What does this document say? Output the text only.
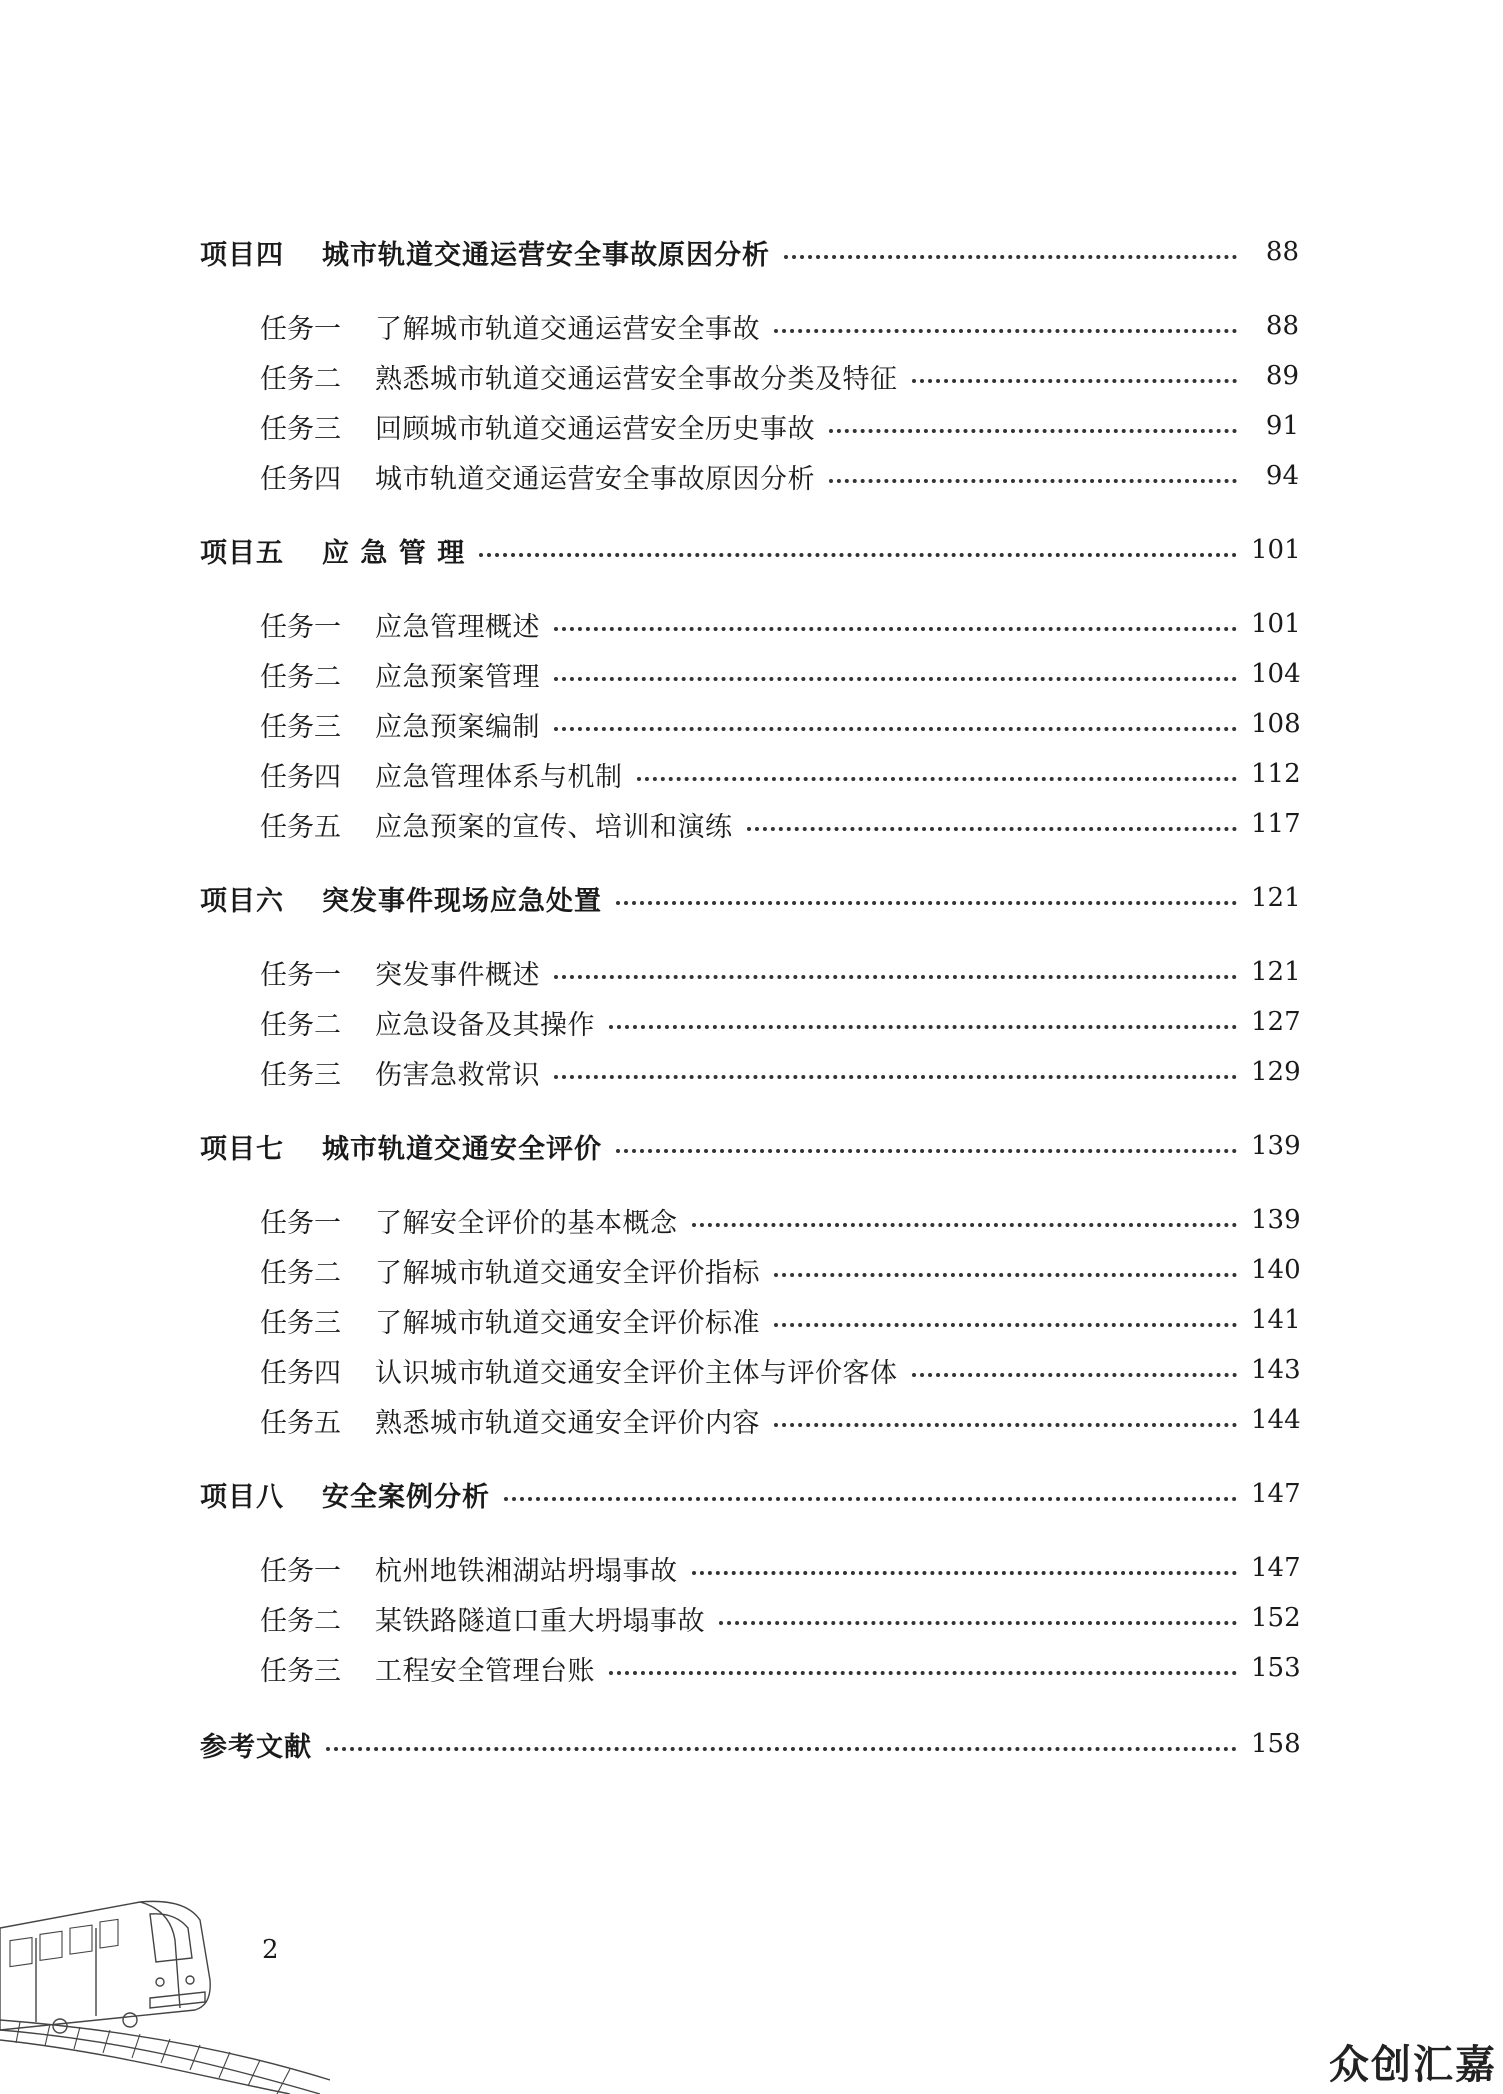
项目四 城市轨道交通运营安全事故原因分析	88
任务一 了解城市轨道交通运营安全事故	88
任务二 熟悉城市轨道交通运营安全事故分类及特征	89
任务三 回顾城市轨道交通运营安全历史事故	91
任务四 城市轨道交通运营安全事故原因分析	94
项目五 应 急 管 理	101
任务一 应急管理概述	101
任务二 应急预案管理	104
任务三 应急预案编制	108
任务四 应急管理体系与机制	112
任务五 应急预案的宣传、培训和演练	117
项目六 突发事件现场应急处置	121
任务一 突发事件概述	121
任务二 应急设备及其操作	127
任务三 伤害急救常识	129
项目七 城市轨道交通安全评价	139
任务一 了解安全评价的基本概念	139
任务二 了解城市轨道交通安全评价指标	140
任务三 了解城市轨道交通安全评价标准	141
任务四 认识城市轨道交通安全评价主体与评价客体	143
任务五 熟悉城市轨道交通安全评价内容	144
项目八 安全案例分析	147
任务一 杭州地铁湘湖站坍塌事故	147
任务二 某铁路隧道口重大坍塌事故	152
任务三 工程安全管理台账	153
参考文献	158
2
众创汇嘉
